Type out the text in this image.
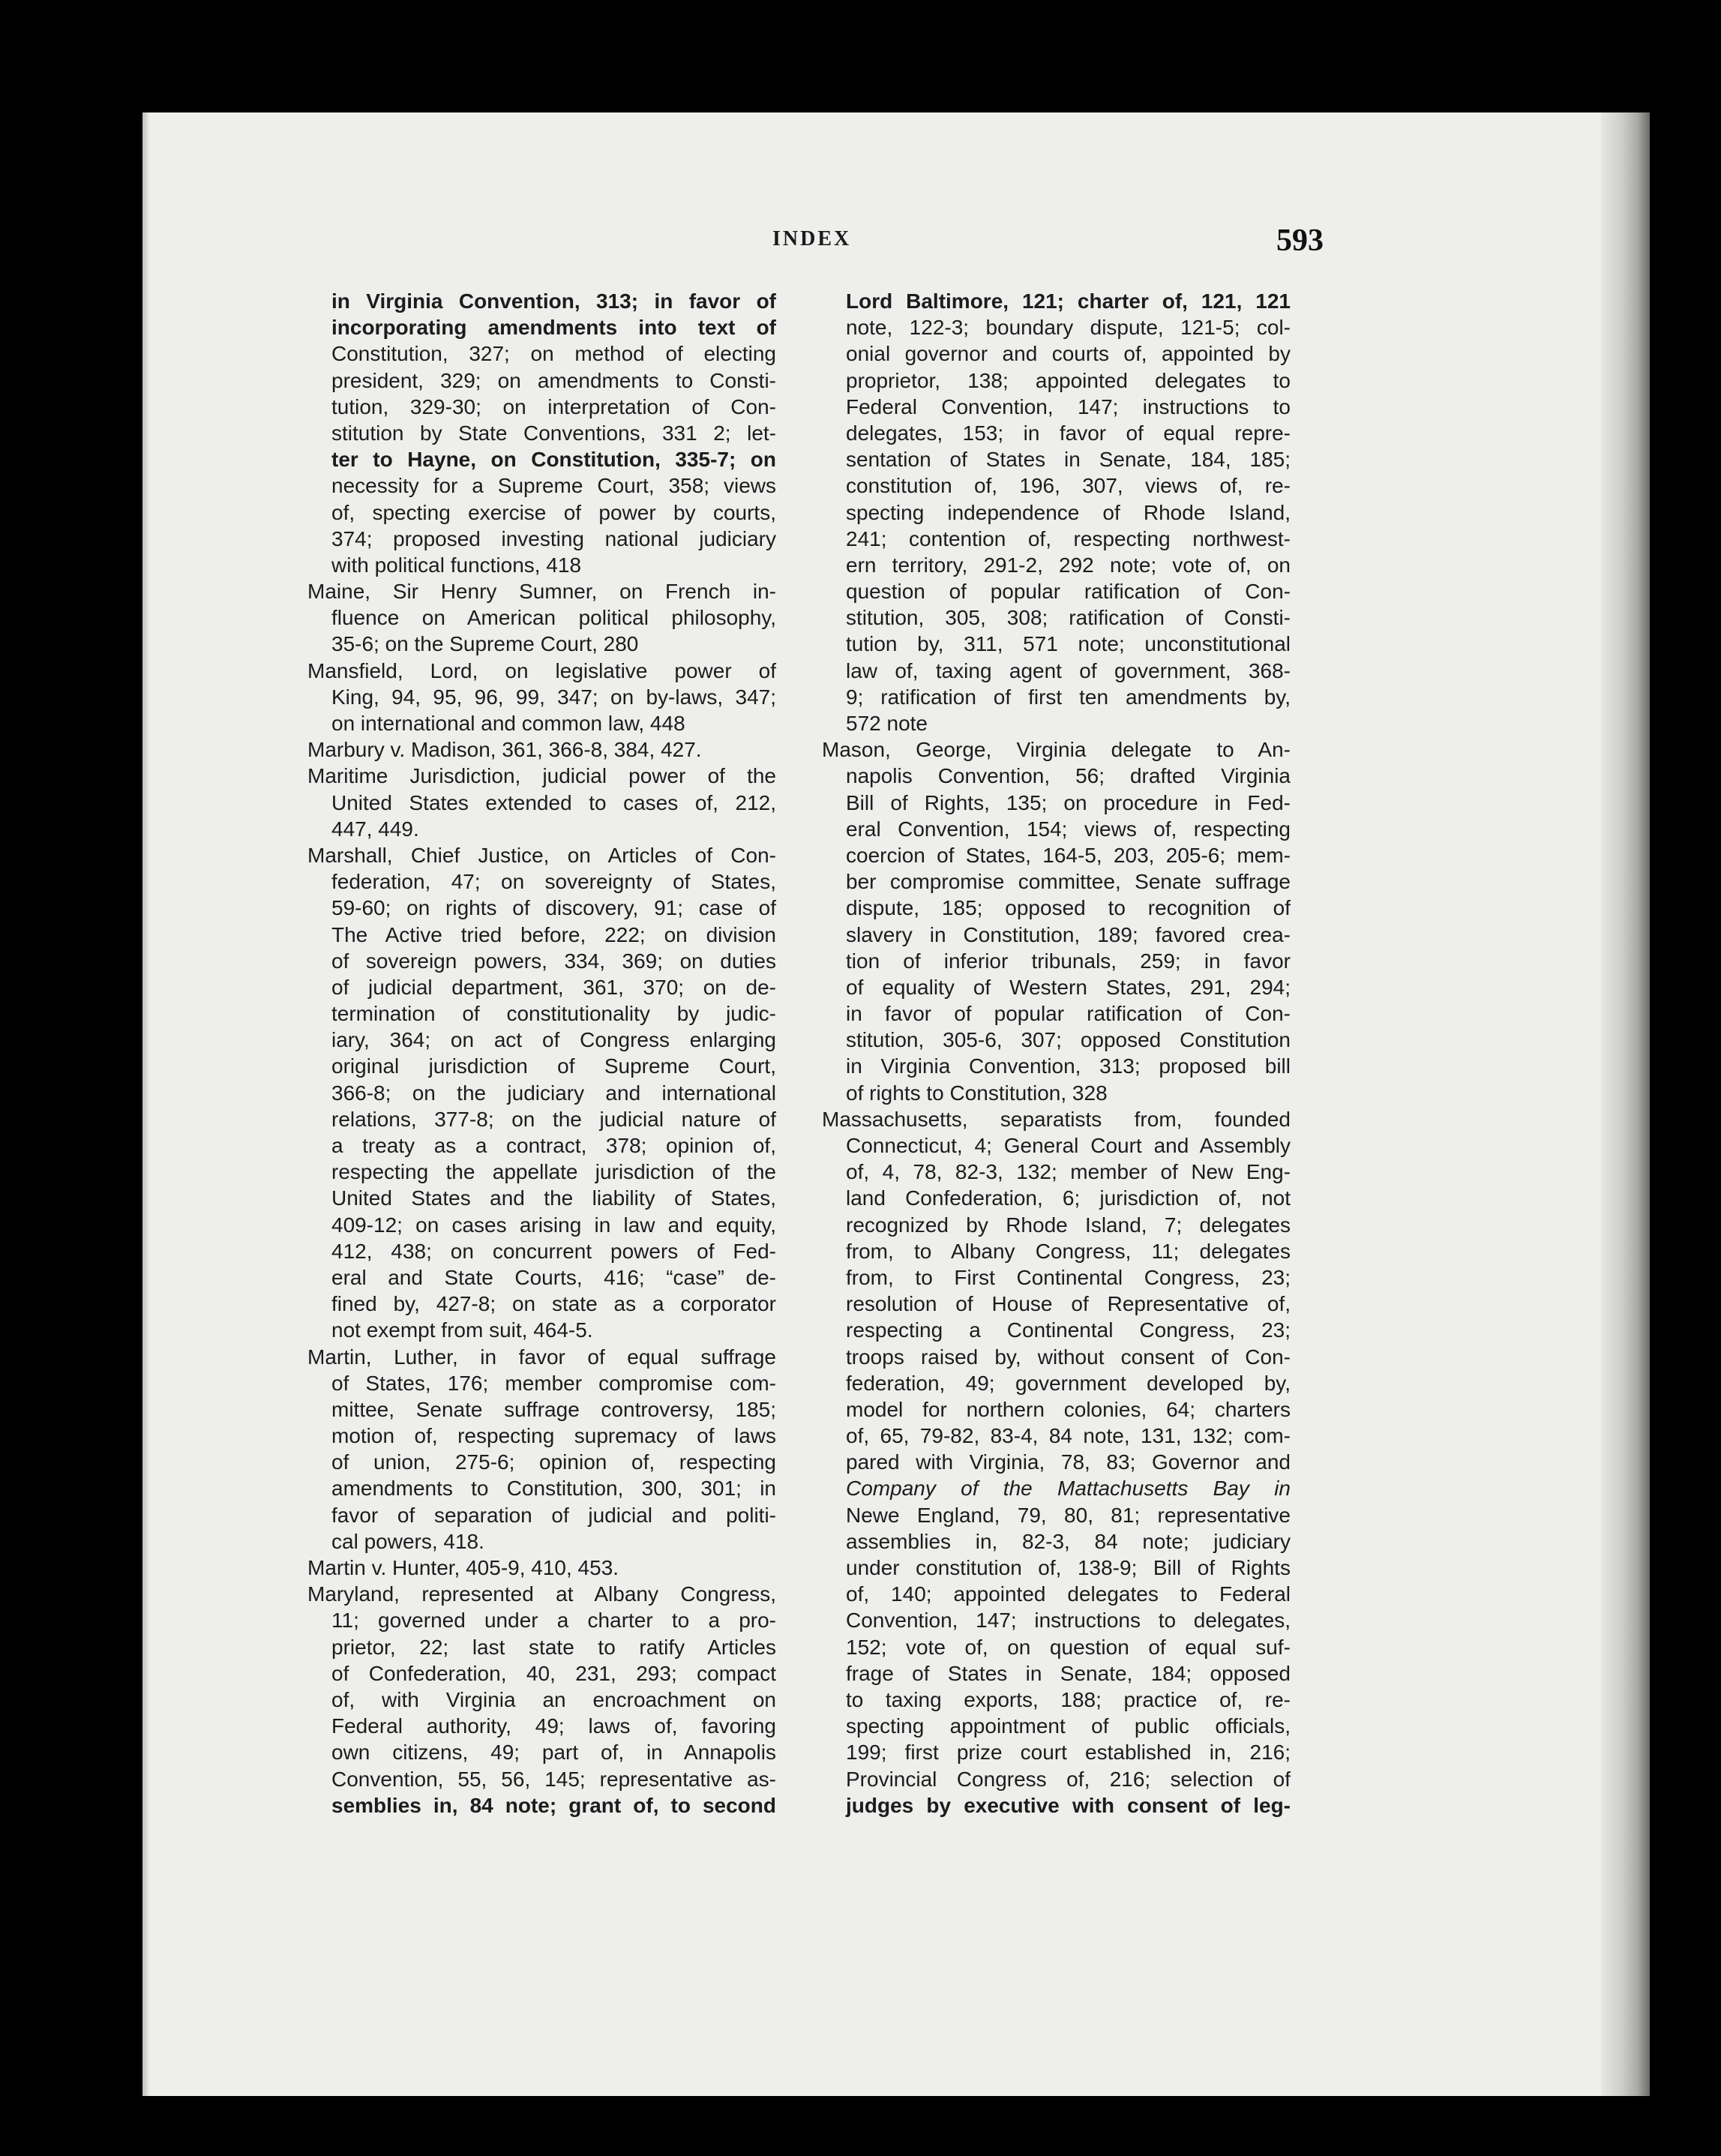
INDEX	593
in Virginia Convention, 313; in favor of
incorporating amendments into text of
Constitution, 327; on method of electing
president, 329; on amendments to Consti-
tution, 329-30; on interpretation of Con-
stitution by State Conventions, 331 2; let-
ter to Hayne, on Constitution, 335-7; on
necessity for a Supreme Court, 358; views
of, specting exercise of power by courts,
374; proposed investing national judiciary
with political functions, 418
Maine, Sir Henry Sumner, on French in-
fluence on American political philosophy,
35-6; on the Supreme Court, 280
Mansfield, Lord, on legislative power of
King, 94, 95, 96, 99, 347; on by-laws, 347;
on international and common law, 448
Marbury v. Madison, 361, 366-8, 384, 427.
Maritime Jurisdiction, judicial power of the
United States extended to cases of, 212,
447, 449.
Marshall, Chief Justice, on Articles of Con-
federation, 47; on sovereignty of States,
59-60; on rights of discovery, 91; case of
The Active tried before, 222; on division
of sovereign powers, 334, 369; on duties
of judicial department, 361, 370; on de-
termination of constitutionality by judic-
iary, 364; on act of Congress enlarging
original jurisdiction of Supreme Court,
366-8; on the judiciary and international
relations, 377-8; on the judicial nature of
a treaty as a contract, 378; opinion of,
respecting the appellate jurisdiction of the
United States and the liability of States,
409-12; on cases arising in law and equity,
412, 438; on concurrent powers of Fed-
eral and State Courts, 416; “case” de-
fined by, 427-8; on state as a corporator
not exempt from suit, 464-5.
Martin, Luther, in favor of equal suffrage
of States, 176; member compromise com-
mittee, Senate suffrage controversy, 185;
motion of, respecting supremacy of laws
of union, 275-6; opinion of, respecting
amendments to Constitution, 300, 301; in
favor of separation of judicial and politi-
cal powers, 418.
Martin v. Hunter, 405-9, 410, 453.
Maryland, represented at Albany Congress,
11; governed under a charter to a pro-
prietor, 22; last state to ratify Articles
of Confederation, 40, 231, 293; compact
of, with Virginia an encroachment on
Federal authority, 49; laws of, favoring
own citizens, 49; part of, in Annapolis
Convention, 55, 56, 145; representative as-
semblies in, 84 note; grant of, to second
Lord Baltimore, 121; charter of, 121, 121
note, 122-3; boundary dispute, 121-5; col-
onial governor and courts of, appointed by
proprietor, 138; appointed delegates to
Federal Convention, 147; instructions to
delegates, 153; in favor of equal repre-
sentation of States in Senate, 184, 185;
constitution of, 196, 307, views of, re-
specting independence of Rhode Island,
241; contention of, respecting northwest-
ern territory, 291-2, 292 note; vote of, on
question of popular ratification of Con-
stitution, 305, 308; ratification of Consti-
tution by, 311, 571 note; unconstitutional
law of, taxing agent of government, 368-
9; ratification of first ten amendments by,
572 note
Mason, George, Virginia delegate to An-
napolis Convention, 56; drafted Virginia
Bill of Rights, 135; on procedure in Fed-
eral Convention, 154; views of, respecting
coercion of States, 164-5, 203, 205-6; mem-
ber compromise committee, Senate suffrage
dispute, 185; opposed to recognition of
slavery in Constitution, 189; favored crea-
tion of inferior tribunals, 259; in favor
of equality of Western States, 291, 294;
in favor of popular ratification of Con-
stitution, 305-6, 307; opposed Constitution
in Virginia Convention, 313; proposed bill
of rights to Constitution, 328
Massachusetts, separatists from, founded
Connecticut, 4; General Court and Assembly
of, 4, 78, 82-3, 132; member of New Eng-
land Confederation, 6; jurisdiction of, not
recognized by Rhode Island, 7; delegates
from, to Albany Congress, 11; delegates
from, to First Continental Congress, 23;
resolution of House of Representative of,
respecting a Continental Congress, 23;
troops raised by, without consent of Con-
federation, 49; government developed by,
model for northern colonies, 64; charters
of, 65, 79-82, 83-4, 84 note, 131, 132; com-
pared with Virginia, 78, 83; Governor and
Company of the Mattachusetts Bay in
Newe England, 79, 80, 81; representative
assemblies in, 82-3, 84 note; judiciary
under constitution of, 138-9; Bill of Rights
of, 140; appointed delegates to Federal
Convention, 147; instructions to delegates,
152; vote of, on question of equal suf-
frage of States in Senate, 184; opposed
to taxing exports, 188; practice of, re-
specting appointment of public officials,
199; first prize court established in, 216;
Provincial Congress of, 216; selection of
judges by executive with consent of leg-
